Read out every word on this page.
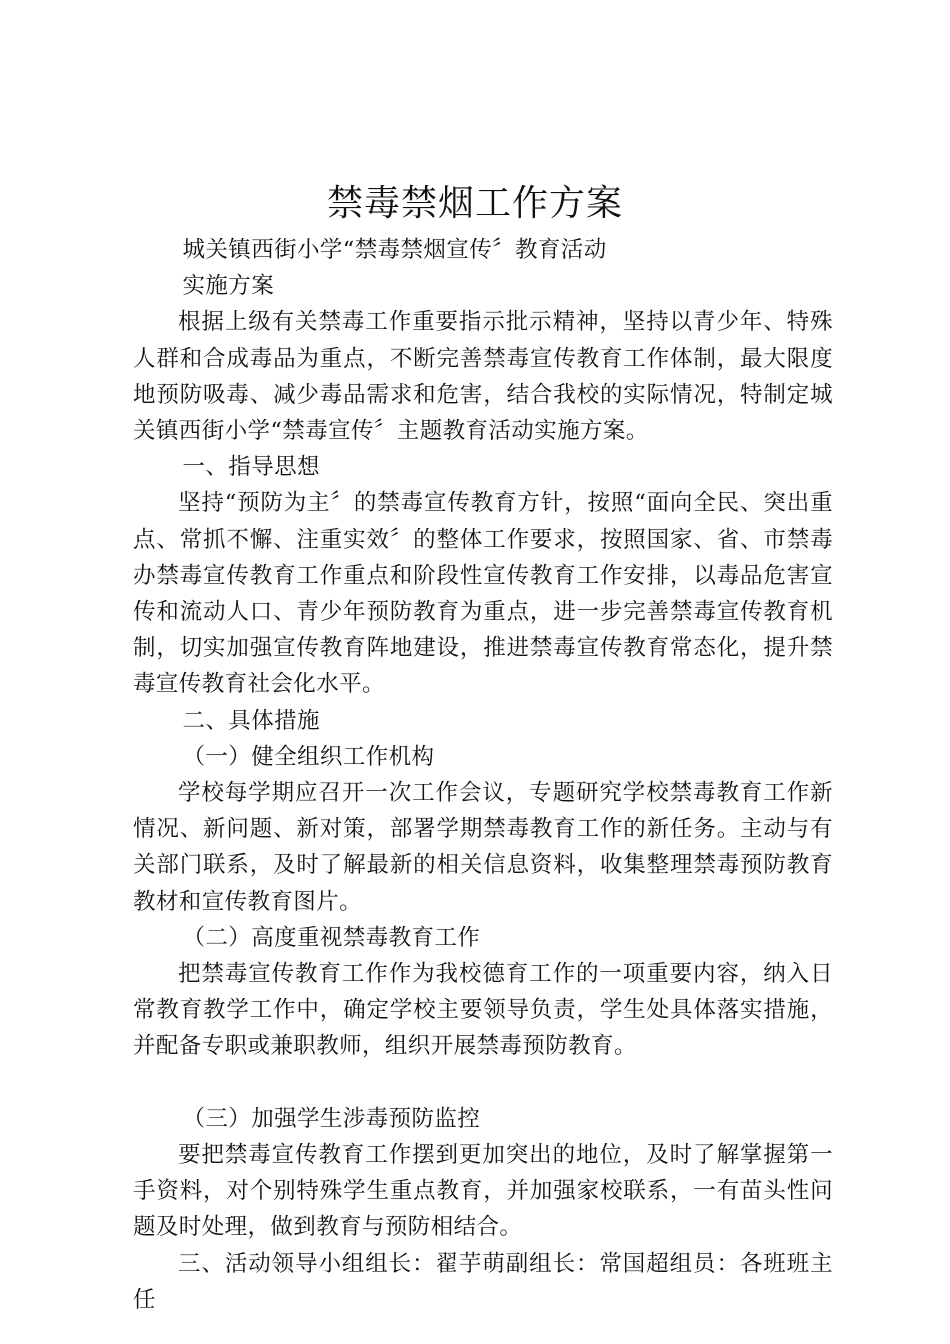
禁毒禁烟工作方案

城关镇西街小学“禁毒禁烟宣传〞教育活动

实施方案

根据上级有关禁毒工作重要指示批示精神，坚持以青少年、特殊人群和合成毒品为重点，不断完善禁毒宣传教育工作体制，最大限度地预防吸毒、减少毒品需求和危害，结合我校的实际情况，特制定城关镇西街小学“禁毒宣传〞主题教育活动实施方案。

一、指导思想

坚持“预防为主〞的禁毒宣传教育方针，按照“面向全民、突出重点、常抓不懈、注重实效〞的整体工作要求，按照国家、省、市禁毒办禁毒宣传教育工作重点和阶段性宣传教育工作安排，以毒品危害宣传和流动人口、青少年预防教育为重点，进一步完善禁毒宣传教育机制，切实加强宣传教育阵地建设，推进禁毒宣传教育常态化，提升禁毒宣传教育社会化水平。

二、具体措施

（一）健全组织工作机构

学校每学期应召开一次工作会议，专题研究学校禁毒教育工作新情况、新问题、新对策，部署学期禁毒教育工作的新任务。主动与有关部门联系，及时了解最新的相关信息资料，收集整理禁毒预防教育教材和宣传教育图片。

（二）高度重视禁毒教育工作

把禁毒宣传教育工作作为我校德育工作的一项重要内容，纳入日常教育教学工作中，确定学校主要领导负责，学生处具体落实措施，并配备专职或兼职教师，组织开展禁毒预防教育。

（三）加强学生涉毒预防监控

要把禁毒宣传教育工作摆到更加突出的地位，及时了解掌握第一手资料，对个别特殊学生重点教育，并加强家校联系，一有苗头性问题及时处理，做到教育与预防相结合。

三、活动领导小组组长：翟芋萌副组长：常国超组员：各班班主任
